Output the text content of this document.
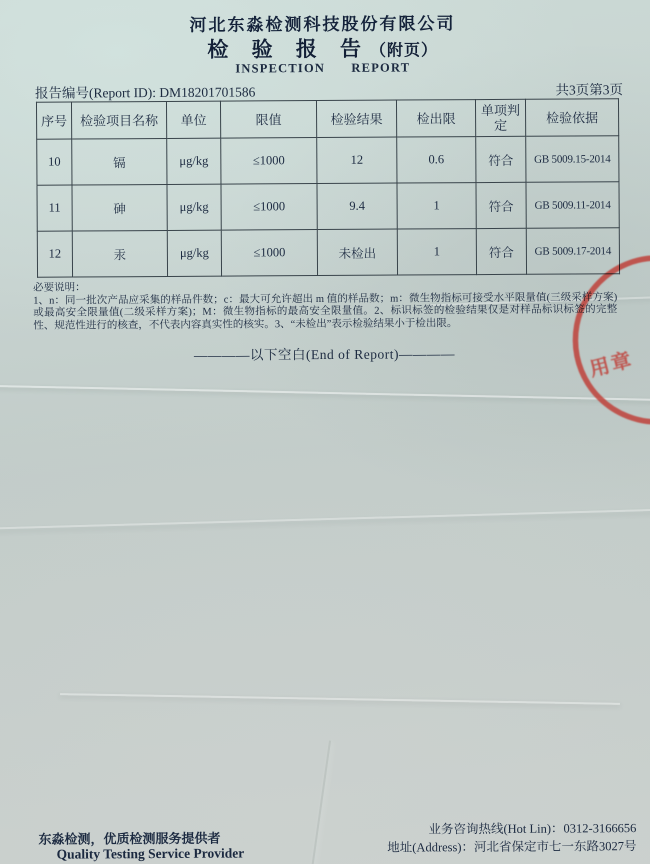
河北东淼检测科技股份有限公司
检 验 报 告（附页）
INSPECTION REPORT
报告编号(Report ID): DM18201701586	共3页第3页
序号	检验项目名称	单位	限值	检验结果	检出限	单项判定	检验依据
10	镉	μg/kg	≤1000	12	0.6	符合	GB 5009.15-2014
11	砷	μg/kg	≤1000	9.4	1	符合	GB 5009.11-2014
12	汞	μg/kg	≤1000	未检出	1	符合	GB 5009.17-2014
必要说明：
1、n：同一批次产品应采集的样品件数；c：最大可允许超出 m 值的样品数；m：微生物指标可接受水平限量值(三级采样方案)或最高安全限量值(二级采样方案)；M：微生物指标的最高安全限量值。2、标识标签的检验结果仅是对样品标识标签的完整性、规范性进行的核查，不代表内容真实性的核实。3、“未检出”表示检验结果小于检出限。
————以下空白(End of Report)————	用章
东淼检测，优质检测服务提供者
Quality Testing Service Provider
业务咨询热线(Hot Lin)：0312-3166656
地址(Address)：河北省保定市七一东路3027号
